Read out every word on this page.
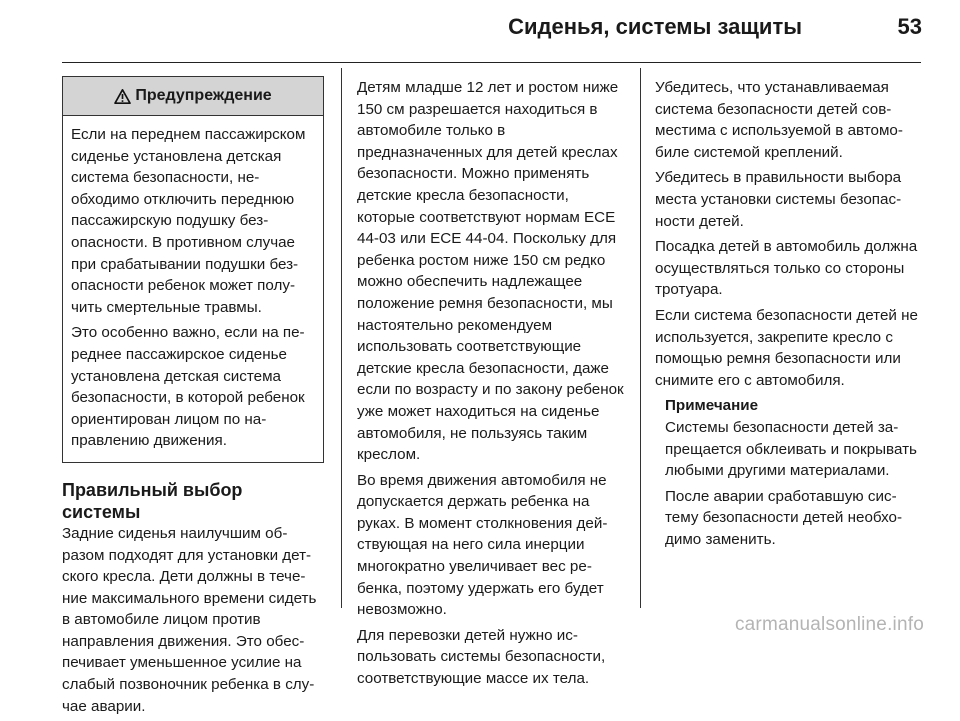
Сиденья, системы защиты	53
Предупреждение

Если на переднем пассажирском сиденье установлена детская система безопасности, необходимо отключить переднюю пассажирскую подушку безопасности. В противном случае при срабатывании подушки безопасности ребенок может получить смертельные травмы.

Это особенно важно, если на переднее пассажирское сиденье установлена детская система безопасности, в которой ребенок ориентирован лицом по направлению движения.

Правильный выбор системы

Задние сиденья наилучшим образом подходят для установки детского кресла. Дети должны в течение максимального времени сидеть в автомобиле лицом против направления движения. Это обеспечивает уменьшенное усилие на слабый позвоночник ребенка в случае аварии.

Детям младше 12 лет и ростом ниже 150 см разрешается находиться в автомобиле только в предназначенных для детей креслах безопасности. Можно применять детские кресла безопасности, которые соответствуют нормам ЕСЕ 44-03 или ЕСЕ 44-04. Поскольку для ребенка ростом ниже 150 см редко можно обеспечить надлежащее положение ремня безопасности, мы настоятельно рекомендуем использовать соответствующие детские кресла безопасности, даже если по возрасту и по закону ребенок уже может находиться на сиденье автомобиля, не пользуясь таким креслом.

Во время движения автомобиля не допускается держать ребенка на руках. В момент столкновения действующая на него сила инерции многократно увеличивает вес ребенка, поэтому удержать его будет невозможно.

Для перевозки детей нужно использовать системы безопасности, соответствующие массе их тела.

Убедитесь, что устанавливаемая система безопасности детей совместима с используемой в автомобиле системой креплений.

Убедитесь в правильности выбора места установки системы безопасности детей.

Посадка детей в автомобиль должна осуществляться только со стороны тротуара.

Если система безопасности детей не используется, закрепите кресло с помощью ремня безопасности или снимите его с автомобиля.

Примечание

Системы безопасности детей запрещается обклеивать и покрывать любыми другими материалами.

После аварии сработавшую систему безопасности детей необходимо заменить.

carmanualsonline.info
